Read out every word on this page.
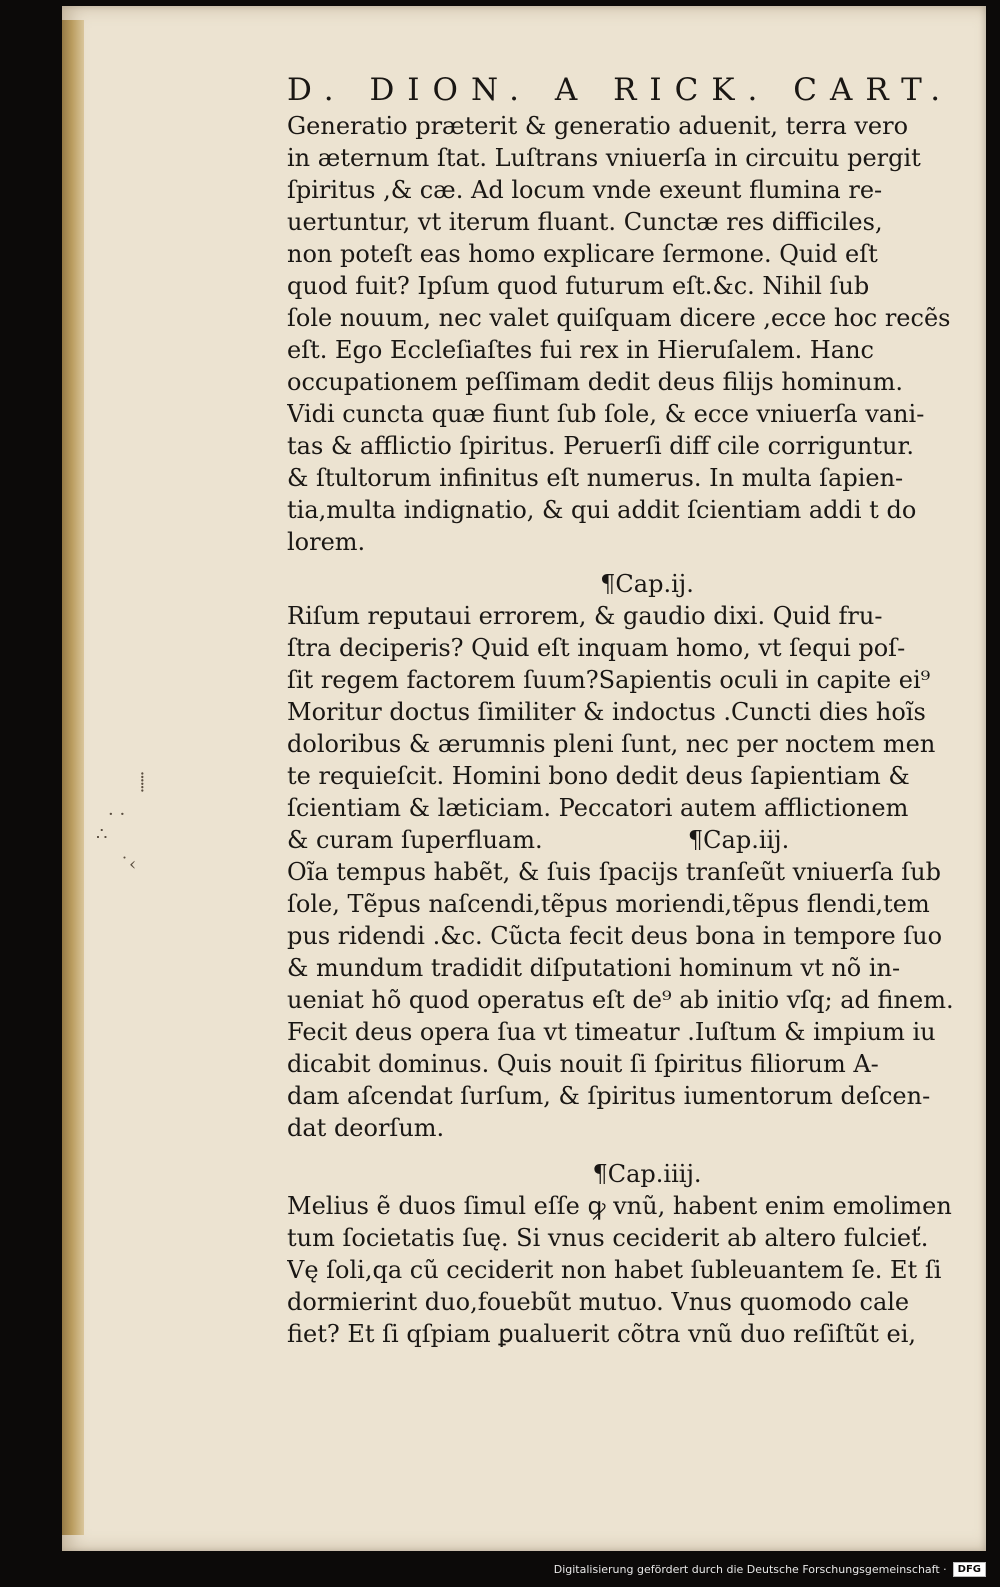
⸽
· ·
∴
˙‹
D. DION. A RICK. CART.
Generatio præterit & generatio aduenit, terra vero
in æternum ſtat. Luſtrans vniuerſa in circuitu pergit
ſpiritus ,& cæ. Ad locum vnde exeunt flumina re-
uertuntur, vt iterum fluant. Cunctæ res difficiles,
non poteſt eas homo explicare ſermone. Quid eſt
quod fuit? Ipſum quod futurum eſt.&c. Nihil ſub
ſole nouum, nec valet quiſquam dicere ,ecce hoc recẽs
eſt. Ego Eccleſiaſtes fui rex in Hieruſalem. Hanc
occupationem peſſimam dedit deus filijs hominum.
Vidi cuncta quæ fiunt ſub ſole, & ecce vniuerſa vani-
tas & afflictio ſpiritus. Peruerſi diff cile corriguntur.
& ſtultorum infinitus eſt numerus. In multa ſapien-
tia,multa indignatio, & qui addit ſcientiam addi t do
lorem.
¶Cap.ij.
Riſum reputaui errorem, & gaudio dixi. Quid fru-
ſtra deciperis? Quid eſt inquam homo, vt ſequi poſ-
ſit regem factorem ſuum?Sapientis oculi in capite ei⁹
Moritur doctus ſimiliter & indoctus .Cuncti dies hoĩs
doloribus & ærumnis pleni ſunt, nec per noctem men
te requieſcit. Homini bono dedit deus ſapientiam &
ſcientiam & læticiam. Peccatori autem afflictionem
& curam ſuperfluam.	¶Cap.iij.
Oĩa tempus habẽt, & ſuis ſpacijs tranſeũt vniuerſa ſub
ſole, Tẽpus naſcendi,tẽpus moriendi,tẽpus flendi,tem
pus ridendi .&c. Cũcta fecit deus bona in tempore ſuo
& mundum tradidit diſputationi hominum vt nõ in-
ueniat hõ quod operatus eſt de⁹ ab initio vſq; ad finem.
Fecit deus opera ſua vt timeatur .Iuſtum & impium iu
dicabit dominus. Quis nouit ſi ſpiritus filiorum A-
dam aſcendat ſurſum, & ſpiritus iumentorum deſcen-
dat deorſum.
¶Cap.iiij.
Melius ẽ duos ſimul eſſe ꝙ vnũ, habent enim emolimen
tum ſocietatis ſuę. Si vnus ceciderit ab altero fulcieť.
Vę ſoli,qa cũ ceciderit non habet ſubleuantem ſe. Et ſi
dormierint duo,fouebũt mutuo. Vnus quomodo cale
fiet? Et ſi qſpiam ꝑualuerit cõtra vnũ duo reſiſtũt ei,
Digitalisierung gefördert durch die Deutsche Forschungsgemeinschaft ·	DFG
